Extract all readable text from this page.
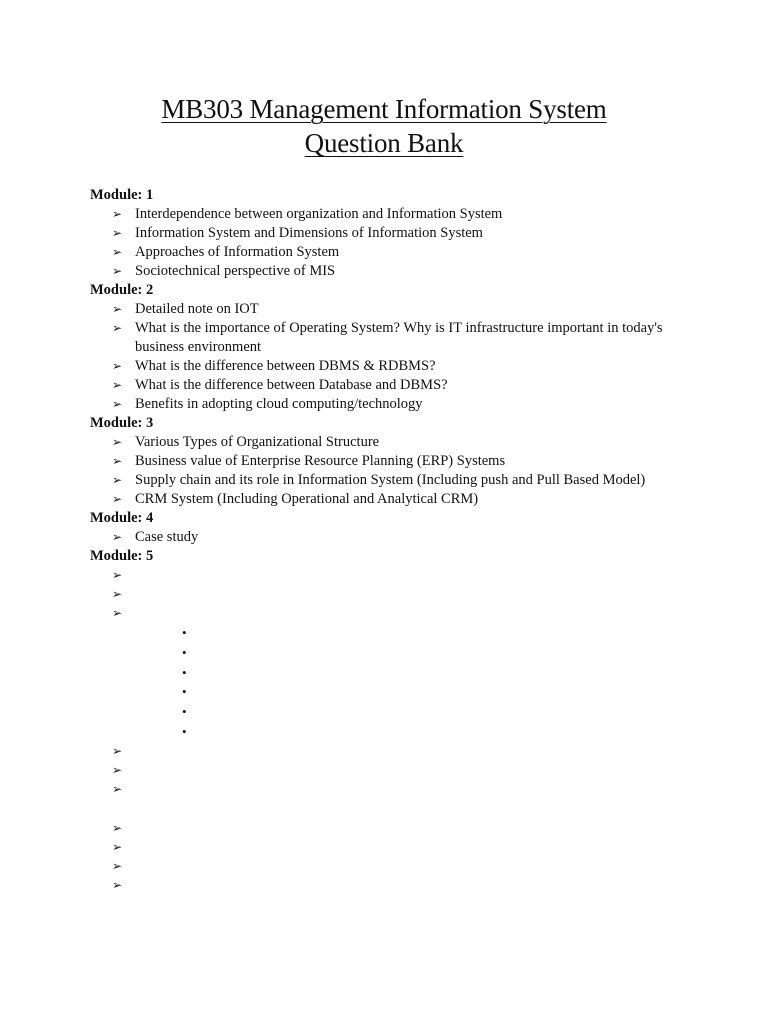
MB303 Management Information System
Question Bank
Module: 1
➢ Interdependence between organization and Information System
➢ Information System and Dimensions of Information System
➢ Approaches of Information System
➢ Sociotechnical perspective of MIS
Module: 2
➢ Detailed note on IOT
➢ What is the importance of Operating System? Why is IT infrastructure important in today's business environment
➢ What is the difference between DBMS & RDBMS?
➢ What is the difference between Database and DBMS?
➢ Benefits in adopting cloud computing/technology
Module: 3
➢ Various Types of Organizational Structure
➢ Business value of Enterprise Resource Planning (ERP) Systems
➢ Supply chain and its role in Information System (Including push and Pull Based Model)
➢ CRM System (Including Operational and Analytical CRM)
Module: 4
➢ Case study
Module: 5
➢
➢
➢
•
•
•
•
•
•
➢
➢
➢
➢
➢
➢
➢
